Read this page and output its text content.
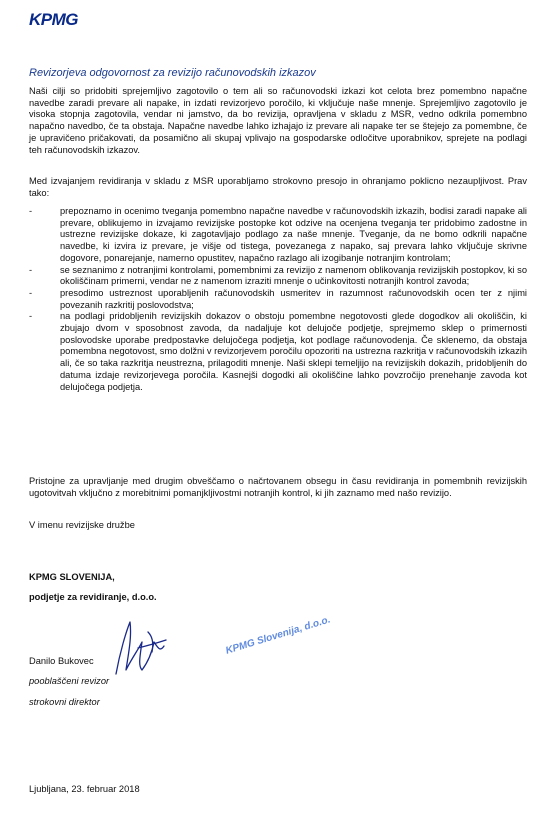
KPMG
Revizorjeva odgovornost za revizijo računovodskih izkazov
Naši cilji so pridobiti sprejemljivo zagotovilo o tem ali so računovodski izkazi kot celota brez pomembno napačne navedbe zaradi prevare ali napake, in izdati revizorjevo poročilo, ki vključuje naše mnenje. Sprejemljivo zagotovilo je visoka stopnja zagotovila, vendar ni jamstvo, da bo revizija, opravljena v skladu z MSR, vedno odkrila pomembno napačno navedbo, če ta obstaja. Napačne navedbe lahko izhajajo iz prevare ali napake ter se štejejo za pomembne, če je upravičeno pričakovati, da posamično ali skupaj vplivajo na gospodarske odločitve uporabnikov, sprejete na podlagi teh računovodskih izkazov.
Med izvajanjem revidiranja v skladu z MSR uporabljamo strokovno presojo in ohranjamo poklicno nezaupljivost. Prav tako:
-	prepoznamo in ocenimo tveganja pomembno napačne navedbe v računovodskih izkazih, bodisi zaradi napake ali prevare, oblikujemo in izvajamo revizijske postopke kot odzive na ocenjena tveganja ter pridobimo zadostne in ustrezne revizijske dokaze, ki zagotavljajo podlago za naše mnenje. Tveganje, da ne bomo odkrili napačne navedbe, ki izvira iz prevare, je višje od tistega, povezanega z napako, saj prevara lahko vključuje skrivne dogovore, ponarejanje, namerno opustitev, napačno razlago ali izogibanje notranjim kontrolam;
-	se seznanimo z notranjimi kontrolami, pomembnimi za revizijo z namenom oblikovanja revizijskih postopkov, ki so okoliščinam primerni, vendar ne z namenom izraziti mnenje o učinkovitosti notranjih kontrol zavoda;
-	presodimo ustreznost uporabljenih računovodskih usmeritev in razumnost računovodskih ocen ter z njimi povezanih razkritij poslovodstva;
-	na podlagi pridobljenih revizijskih dokazov o obstoju pomembne negotovosti glede dogodkov ali okoliščin, ki zbujajo dvom v sposobnost zavoda, da nadaljuje kot delujoče podjetje, sprejmemo sklep o primernosti poslovodske uporabe predpostavke delujočega podjetja, kot podlage računovodenja. Če sklenemo, da obstaja pomembna negotovost, smo dolžni v revizorjevem poročilu opozoriti na ustrezna razkritja v računovodskih izkazih ali, če so taka razkritja neustrezna, prilagoditi mnenje. Naši sklepi temeljijo na revizijskih dokazih, pridobljenih do datuma izdaje revizorjevega poročila. Kasnejši dogodki ali okoliščine lahko povzročijo prenehanje zavoda kot delujočega podjetja.
Pristojne za upravljanje med drugim obveščamo o načrtovanem obsegu in času revidiranja in pomembnih revizijskih ugotovitvah vključno z morebitnimi pomanjkljivostmi notranjih kontrol, ki jih zaznamo med našo revizijo.
V imenu revizijske družbe
KPMG SLOVENIJA,
podjetje za revidiranje, d.o.o.
Danilo Bukovec
pooblaščeni revizor
strokovni direktor
KPMG Slovenija, d.o.o.
Ljubljana, 23. februar 2018
